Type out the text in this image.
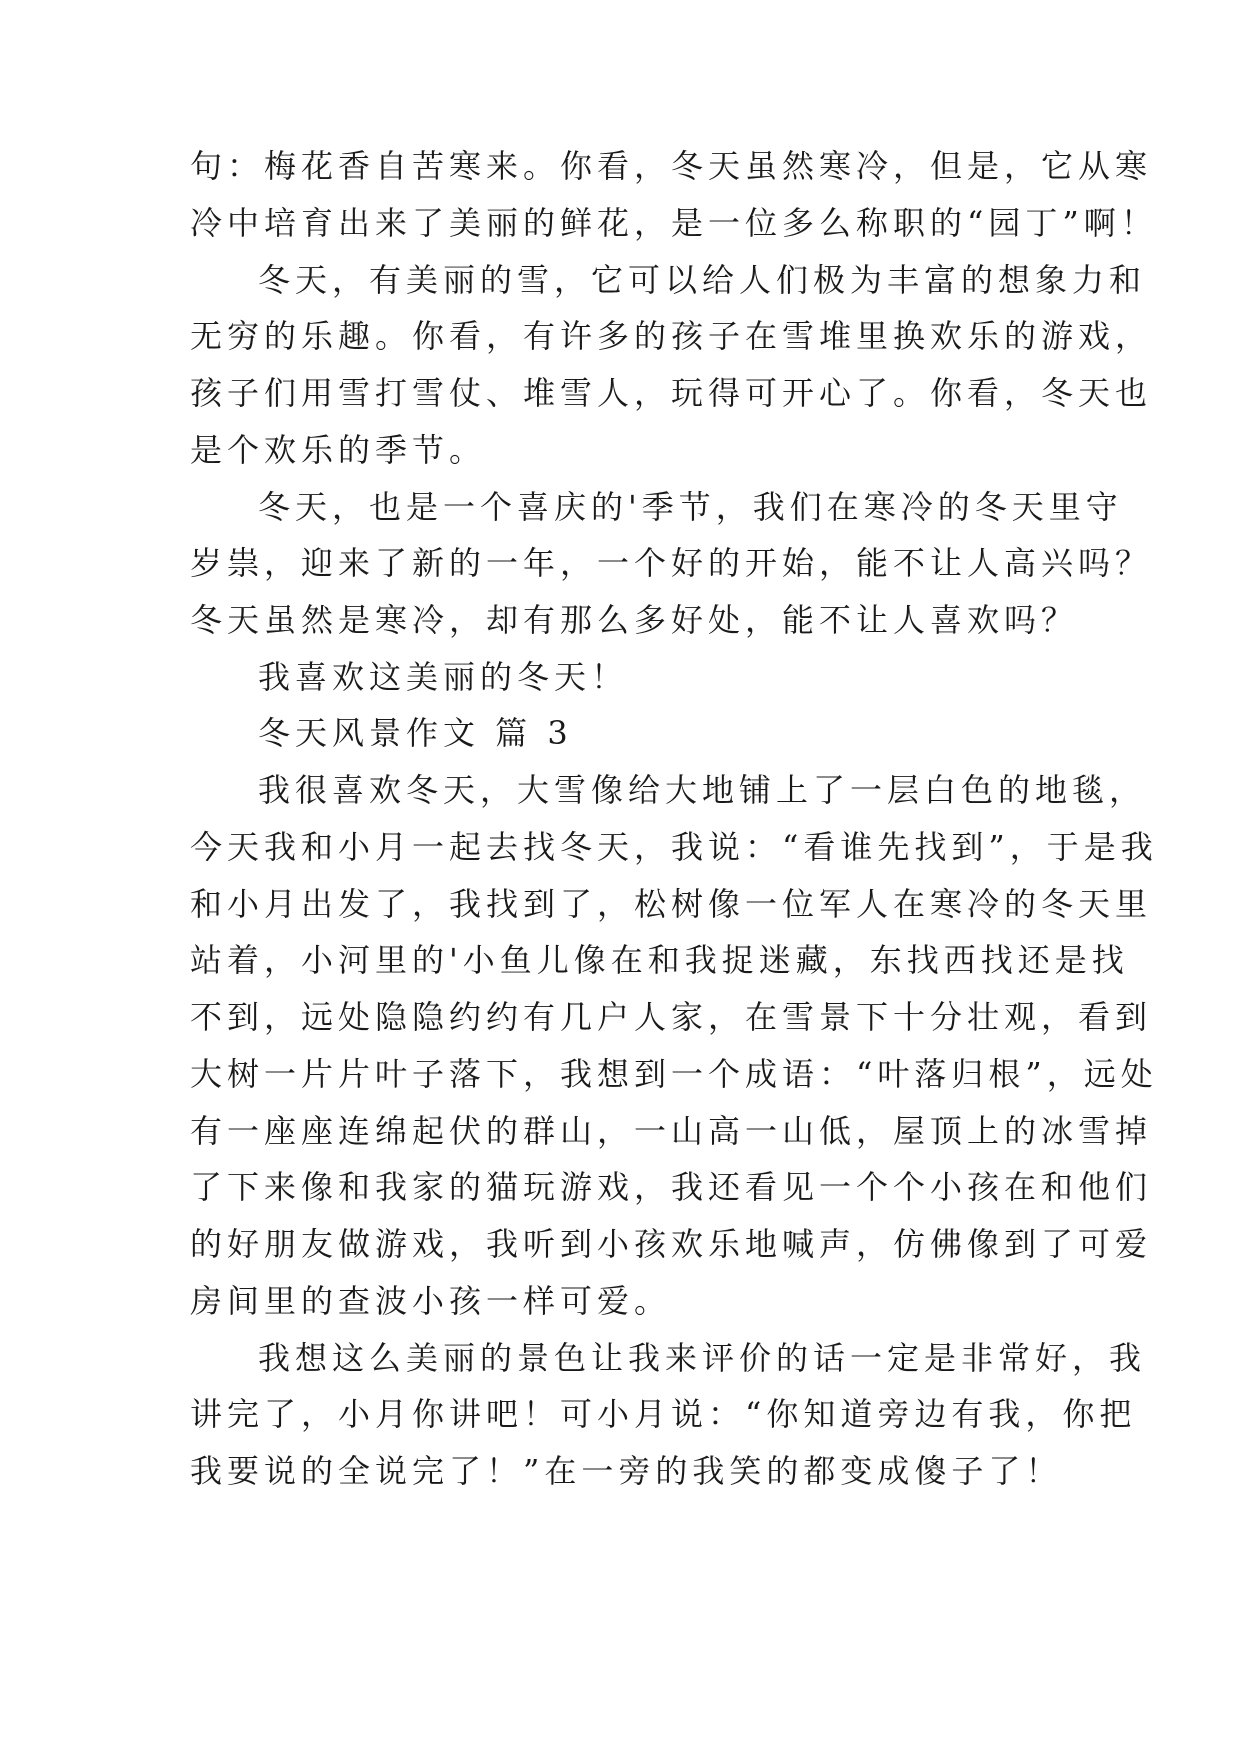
句：梅花香自苦寒来。你看，冬天虽然寒冷，但是，它从寒
冷中培育出来了美丽的鲜花，是一位多么称职的“园丁”啊！
冬天，有美丽的雪，它可以给人们极为丰富的想象力和
无穷的乐趣。你看，有许多的孩子在雪堆里换欢乐的游戏，
孩子们用雪打雪仗、堆雪人，玩得可开心了。你看，冬天也
是个欢乐的季节。
冬天，也是一个喜庆的'季节，我们在寒冷的冬天里守
岁祟，迎来了新的一年，一个好的开始，能不让人高兴吗？
冬天虽然是寒冷，却有那么多好处，能不让人喜欢吗？
我喜欢这美丽的冬天！
冬天风景作文 篇 3
我很喜欢冬天，大雪像给大地铺上了一层白色的地毯，
今天我和小月一起去找冬天，我说：“看谁先找到”，于是我
和小月出发了，我找到了，松树像一位军人在寒冷的冬天里
站着，小河里的'小鱼儿像在和我捉迷藏，东找西找还是找
不到，远处隐隐约约有几户人家，在雪景下十分壮观，看到
大树一片片叶子落下，我想到一个成语：“叶落归根”，远处
有一座座连绵起伏的群山，一山高一山低，屋顶上的冰雪掉
了下来像和我家的猫玩游戏，我还看见一个个小孩在和他们
的好朋友做游戏，我听到小孩欢乐地喊声，仿佛像到了可爱
房间里的查波小孩一样可爱。
我想这么美丽的景色让我来评价的话一定是非常好，我
讲完了，小月你讲吧！可小月说：“你知道旁边有我，你把
我要说的全说完了！”在一旁的我笑的都变成傻子了！
